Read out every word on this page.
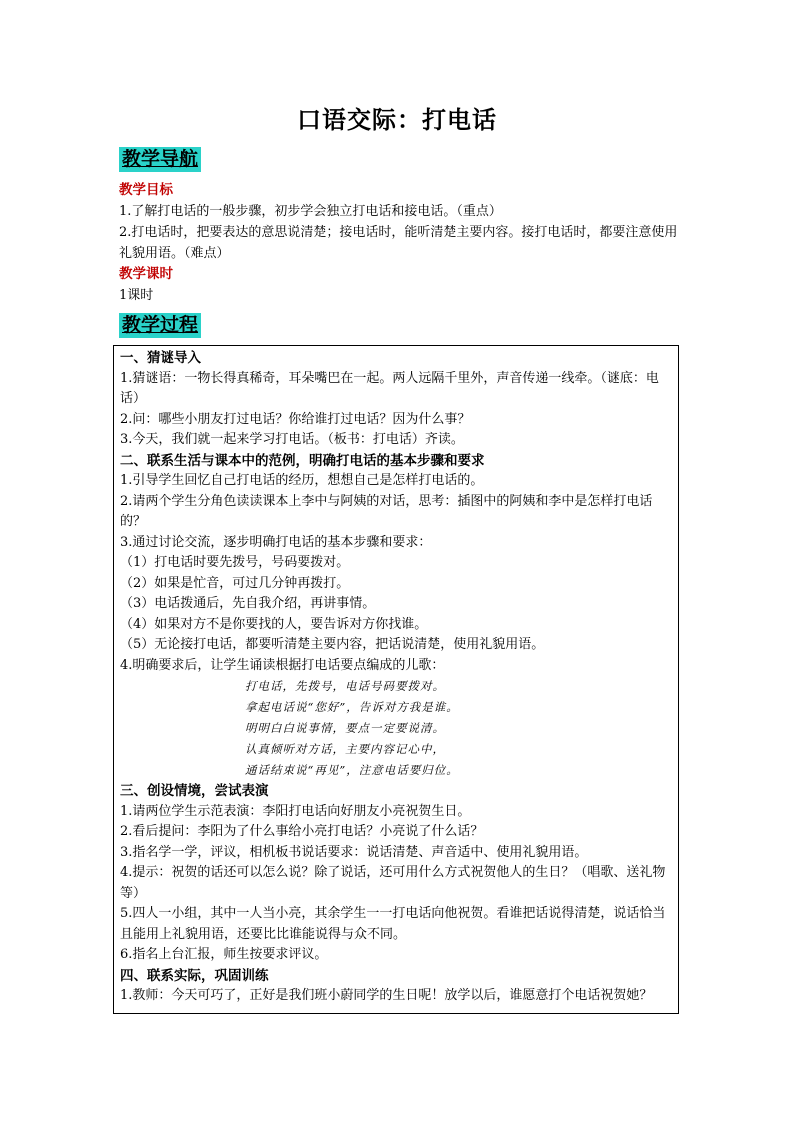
口语交际：打电话
教学导航
教学目标

1.了解打电话的一般步骤，初步学会独立打电话和接电话。（重点）

2.打电话时，把要表达的意思说清楚；接电话时，能听清楚主要内容。接打电话时，都要注意使用礼貌用语。（难点）

教学课时

1课时

教学过程

一、猜谜导入

1.猜谜语：一物长得真稀奇，耳朵嘴巴在一起。两人远隔千里外，声音传递一线牵。（谜底：电话）

2.问：哪些小朋友打过电话？你给谁打过电话？因为什么事？

3.今天，我们就一起来学习打电话。（板书：打电话）齐读。

二、联系生活与课本中的范例，明确打电话的基本步骤和要求

1.引导学生回忆自己打电话的经历，想想自己是怎样打电话的。

2.请两个学生分角色读读课本上李中与阿姨的对话，思考：插图中的阿姨和李中是怎样打电话的？

3.通过讨论交流，逐步明确打电话的基本步骤和要求：

（1）打电话时要先拨号，号码要拨对。

（2）如果是忙音，可过几分钟再拨打。

（3）电话拨通后，先自我介绍，再讲事情。

（4）如果对方不是你要找的人，要告诉对方你找谁。

（5）无论接打电话，都要听清楚主要内容，把话说清楚，使用礼貌用语。

4.明确要求后，让学生诵读根据打电话要点编成的儿歌：

打电话，先拨号，电话号码要拨对。

拿起电话说“您好”，告诉对方我是谁。

明明白白说事情，要点一定要说清。

认真倾听对方话，主要内容记心中，

通话结束说“再见”，注意电话要归位。

三、创设情境，尝试表演

1.请两位学生示范表演：李阳打电话向好朋友小亮祝贺生日。

2.看后提问：李阳为了什么事给小亮打电话？小亮说了什么话？

3.指名学一学，评议，相机板书说话要求：说话清楚、声音适中、使用礼貌用语。

4.提示：祝贺的话还可以怎么说？除了说话，还可用什么方式祝贺他人的生日？（唱歌、送礼物等）

5.四人一小组，其中一人当小亮，其余学生一一打电话向他祝贺。看谁把话说得清楚，说话恰当且能用上礼貌用语，还要比比谁能说得与众不同。

6.指名上台汇报，师生按要求评议。

四、联系实际，巩固训练

1.教师：今天可巧了，正好是我们班小蔚同学的生日呢！放学以后，谁愿意打个电话祝贺她？
